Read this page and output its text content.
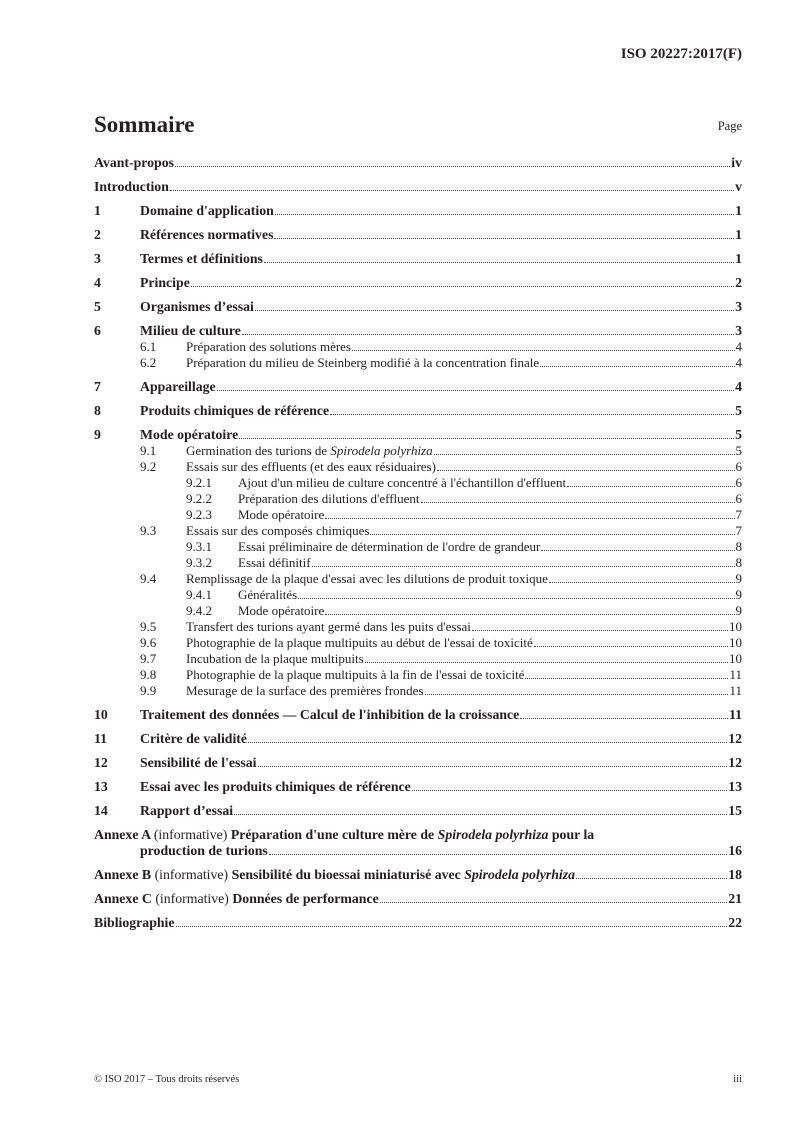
ISO 20227:2017(F)
Sommaire	Page
Avant-propos	iv
Introduction	v
1	Domaine d'application	1
2	Références normatives	1
3	Termes et définitions	1
4	Principe	2
5	Organismes d’essai	3
6	Milieu de culture	3
6.1	Préparation des solutions mères	4
6.2	Préparation du milieu de Steinberg modifié à la concentration finale	4
7	Appareillage	4
8	Produits chimiques de référence	5
9	Mode opératoire	5
9.1	Germination des turions de Spirodela polyrhiza	5
9.2	Essais sur des effluents (et des eaux résiduaires)	6
9.2.1	Ajout d'un milieu de culture concentré à l'échantillon d'effluent	6
9.2.2	Préparation des dilutions d'effluent	6
9.2.3	Mode opératoire	7
9.3	Essais sur des composés chimiques	7
9.3.1	Essai préliminaire de détermination de l'ordre de grandeur	8
9.3.2	Essai définitif	8
9.4	Remplissage de la plaque d'essai avec les dilutions de produit toxique	9
9.4.1	Généralités	9
9.4.2	Mode opératoire	9
9.5	Transfert des turions ayant germé dans les puits d'essai	10
9.6	Photographie de la plaque multipuits au début de l'essai de toxicité	10
9.7	Incubation de la plaque multipuits	10
9.8	Photographie de la plaque multipuits à la fin de l'essai de toxicité	11
9.9	Mesurage de la surface des premières frondes	11
10	Traitement des données — Calcul de l'inhibition de la croissance	11
11	Critère de validité	12
12	Sensibilité de l'essai	12
13	Essai avec les produits chimiques de référence	13
14	Rapport d’essai	15
Annexe A (informative) Préparation d'une culture mère de Spirodela polyrhiza pour la
production de turions	16
Annexe B (informative) Sensibilité du bioessai miniaturisé avec Spirodela polyrhiza	18
Annexe C (informative) Données de performance	21
Bibliographie	22
© ISO 2017 – Tous droits réservés	iii
